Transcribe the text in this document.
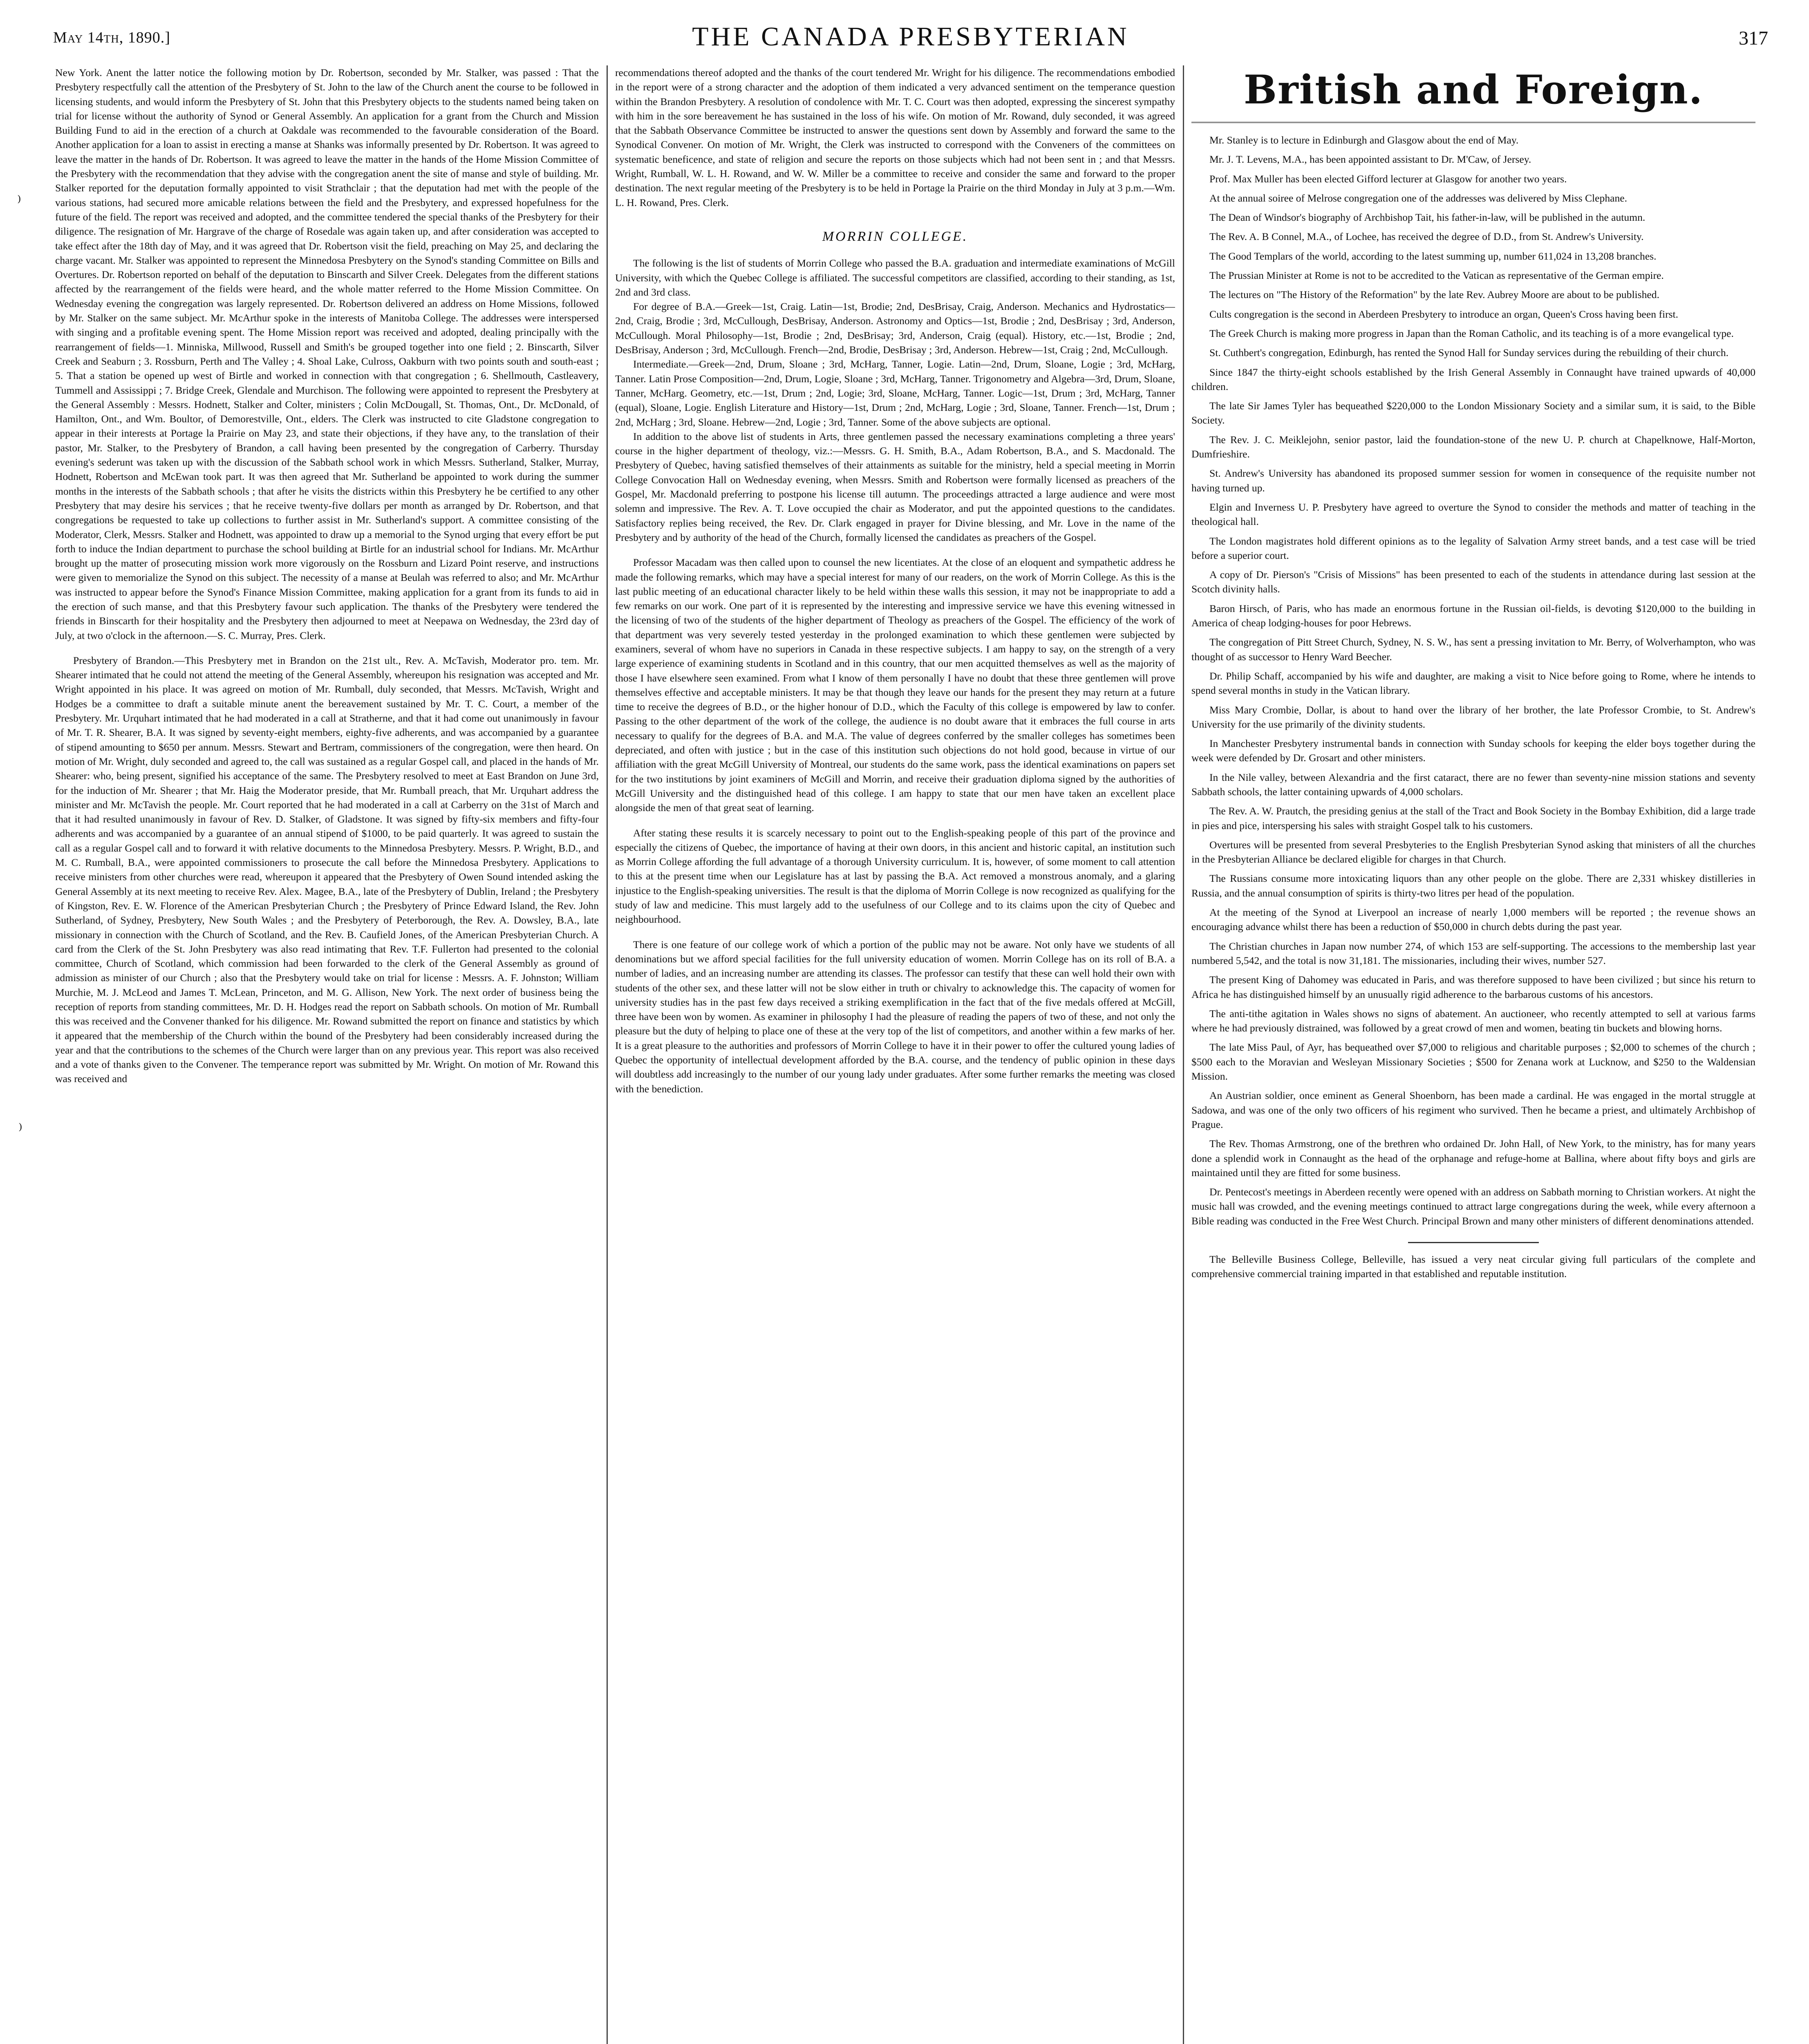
May 14th, 1890.]	THE CANADA PRESBYTERIAN	317

New York. Anent the latter notice the following motion by Dr. Robertson, seconded by Mr. Stalker, was passed : That the Presbytery respectfully call the attention of the Presbytery of St. John to the law of the Church anent the course to be followed in licensing students, and would inform the Presbytery of St. John that this Presbytery objects to the students named being taken on trial for license without the authority of Synod or General Assembly. An application for a grant from the Church and Mission Building Fund to aid in the erection of a church at Oakdale was recommended to the favourable consideration of the Board. Another application for a loan to assist in erecting a manse at Shanks was informally presented by Dr. Robertson. It was agreed to leave the matter in the hands of Dr. Robertson. It was agreed to leave the matter in the hands of the Home Mission Committee of the Presbytery with the recommendation that they advise with the congregation anent the site of manse and style of building. Mr. Stalker reported for the deputation formally appointed to visit Strathclair ; that the deputation had met with the people of the various stations, had secured more amicable relations between the field and the Presbytery, and expressed hopefulness for the future of the field. The report was received and adopted, and the committee tendered the special thanks of the Presbytery for their diligence. The resignation of Mr. Hargrave of the charge of Rosedale was again taken up, and after consideration was accepted to take effect after the 18th day of May, and it was agreed that Dr. Robertson visit the field, preaching on May 25, and declaring the charge vacant. Mr. Stalker was appointed to represent the Minnedosa Presbytery on the Synod's standing Committee on Bills and Overtures. Dr. Robertson reported on behalf of the deputation to Binscarth and Silver Creek. Delegates from the different stations affected by the rearrangement of the fields were heard, and the whole matter referred to the Home Mission Committee. On Wednesday evening the congregation was largely represented. Dr. Robertson delivered an address on Home Missions, followed by Mr. Stalker on the same subject. Mr. McArthur spoke in the interests of Manitoba College. The addresses were interspersed with singing and a profitable evening spent. The Home Mission report was received and adopted, dealing principally with the rearrangement of fields—1. Minniska, Millwood, Russell and Smith's be grouped together into one field ; 2. Binscarth, Silver Creek and Seaburn ; 3. Rossburn, Perth and The Valley ; 4. Shoal Lake, Culross, Oakburn with two points south and south-east ; 5. That a station be opened up west of Birtle and worked in connection with that congregation ; 6. Shellmouth, Castleavery, Tummell and Assissippi ; 7. Bridge Creek, Glendale and Murchison. The following were appointed to represent the Presbytery at the General Assembly : Messrs. Hodnett, Stalker and Colter, ministers ; Colin McDougall, St. Thomas, Ont., Dr. McDonald, of Hamilton, Ont., and Wm. Boultor, of Demorestville, Ont., elders. The Clerk was instructed to cite Gladstone congregation to appear in their interests at Portage la Prairie on May 23, and state their objections, if they have any, to the translation of their pastor, Mr. Stalker, to the Presbytery of Brandon, a call having been presented by the congregation of Carberry. Thursday evening's sederunt was taken up with the discussion of the Sabbath school work in which Messrs. Sutherland, Stalker, Murray, Hodnett, Robertson and McEwan took part. It was then agreed that Mr. Sutherland be appointed to work during the summer months in the interests of the Sabbath schools ; that after he visits the districts within this Presbytery he be certified to any other Presbytery that may desire his services ; that he receive twenty-five dollars per month as arranged by Dr. Robertson, and that congregations be requested to take up collections to further assist in Mr. Sutherland's support. A committee consisting of the Moderator, Clerk, Messrs. Stalker and Hodnett, was appointed to draw up a memorial to the Synod urging that every effort be put forth to induce the Indian department to purchase the school building at Birtle for an industrial school for Indians. Mr. McArthur brought up the matter of prosecuting mission work more vigorously on the Rossburn and Lizard Point reserve, and instructions were given to memorialize the Synod on this subject. The necessity of a manse at Beulah was referred to also; and Mr. McArthur was instructed to appear before the Synod's Finance Mission Committee, making application for a grant from its funds to aid in the erection of such manse, and that this Presbytery favour such application. The thanks of the Presbytery were tendered the friends in Binscarth for their hospitality and the Presbytery then adjourned to meet at Neepawa on Wednesday, the 23rd day of July, at two o'clock in the afternoon.—S. C. Murray, Pres. Clerk.

Presbytery of Brandon.—This Presbytery met in Brandon on the 21st ult., Rev. A. McTavish, Moderator pro. tem. Mr. Shearer intimated that he could not attend the meeting of the General Assembly, whereupon his resignation was accepted and Mr. Wright appointed in his place. It was agreed on motion of Mr. Rumball, duly seconded, that Messrs. McTavish, Wright and Hodges be a committee to draft a suitable minute anent the bereavement sustained by Mr. T. C. Court, a member of the Presbytery. Mr. Urquhart intimated that he had moderated in a call at Stratherne, and that it had come out unanimously in favour of Mr. T. R. Shearer, B.A. It was signed by seventy-eight members, eighty-five adherents, and was accompanied by a guarantee of stipend amounting to $650 per annum. Messrs. Stewart and Bertram, commissioners of the congregation, were then heard. On motion of Mr. Wright, duly seconded and agreed to, the call was sustained as a regular Gospel call, and placed in the hands of Mr. Shearer: who, being present, signified his acceptance of the same. The Presbytery resolved to meet at East Brandon on June 3rd, for the induction of Mr. Shearer ; that Mr. Haig the Moderator preside, that Mr. Rumball preach, that Mr. Urquhart address the minister and Mr. McTavish the people. Mr. Court reported that he had moderated in a call at Carberry on the 31st of March and that it had resulted unanimously in favour of Rev. D. Stalker, of Gladstone. It was signed by fifty-six members and fifty-four adherents and was accompanied by a guarantee of an annual stipend of $1000, to be paid quarterly. It was agreed to sustain the call as a regular Gospel call and to forward it with relative documents to the Minnedosa Presbytery. Messrs. P. Wright, B.D., and M. C. Rumball, B.A., were appointed commissioners to prosecute the call before the Minnedosa Presbytery. Applications to receive ministers from other churches were read, whereupon it appeared that the Presbytery of Owen Sound intended asking the General Assembly at its next meeting to receive Rev. Alex. Magee, B.A., late of the Presbytery of Dublin, Ireland ; the Presbytery of Kingston, Rev. E. W. Florence of the American Presbyterian Church ; the Presbytery of Prince Edward Island, the Rev. John Sutherland, of Sydney, Presbytery, New South Wales ; and the Presbytery of Peterborough, the Rev. A. Dowsley, B.A., late missionary in connection with the Church of Scotland, and the Rev. B. Caufield Jones, of the American Presbyterian Church. A card from the Clerk of the St. John Presbytery was also read intimating that Rev. T.F. Fullerton had presented to the colonial committee, Church of Scotland, which commission had been forwarded to the clerk of the General Assembly as ground of admission as minister of our Church ; also that the Presbytery would take on trial for license : Messrs. A. F. Johnston; William Murchie, M. J. McLeod and James T. McLean, Princeton, and M. G. Allison, New York. The next order of business being the reception of reports from standing committees, Mr. D. H. Hodges read the report on Sabbath schools. On motion of Mr. Rumball this was received and the Convener thanked for his diligence. Mr. Rowand submitted the report on finance and statistics by which it appeared that the membership of the Church within the bound of the Presbytery had been considerably increased during the year and that the contributions to the schemes of the Church were larger than on any previous year. This report was also received and a vote of thanks given to the Convener. The temperance report was submitted by Mr. Wright. On motion of Mr. Rowand this was received and

recommendations thereof adopted and the thanks of the court tendered Mr. Wright for his diligence. The recommendations embodied in the report were of a strong character and the adoption of them indicated a very advanced sentiment on the temperance question within the Brandon Presbytery. A resolution of condolence with Mr. T. C. Court was then adopted, expressing the sincerest sympathy with him in the sore bereavement he has sustained in the loss of his wife. On motion of Mr. Rowand, duly seconded, it was agreed that the Sabbath Observance Committee be instructed to answer the questions sent down by Assembly and forward the same to the Synodical Convener. On motion of Mr. Wright, the Clerk was instructed to correspond with the Conveners of the committees on systematic beneficence, and state of religion and secure the reports on those subjects which had not been sent in ; and that Messrs. Wright, Rumball, W. L. H. Rowand, and W. W. Miller be a committee to receive and consider the same and forward to the proper destination. The next regular meeting of the Presbytery is to be held in Portage la Prairie on the third Monday in July at 3 p.m.—Wm. L. H. Rowand, Pres. Clerk.

MORRIN COLLEGE.

The following is the list of students of Morrin College who passed the B.A. graduation and intermediate examinations of McGill University, with which the Quebec College is affiliated. The successful competitors are classified, according to their standing, as 1st, 2nd and 3rd class.

For degree of B.A.—Greek—1st, Craig. Latin—1st, Brodie; 2nd, DesBrisay, Craig, Anderson. Mechanics and Hydrostatics—2nd, Craig, Brodie ; 3rd, McCullough, DesBrisay, Anderson. Astronomy and Optics—1st, Brodie ; 2nd, DesBrisay ; 3rd, Anderson, McCullough. Moral Philosophy—1st, Brodie ; 2nd, DesBrisay; 3rd, Anderson, Craig (equal). History, etc.—1st, Brodie ; 2nd, DesBrisay, Anderson ; 3rd, McCullough. French—2nd, Brodie, DesBrisay ; 3rd, Anderson. Hebrew—1st, Craig ; 2nd, McCullough.

Intermediate.—Greek—2nd, Drum, Sloane ; 3rd, McHarg, Tanner, Logie. Latin—2nd, Drum, Sloane, Logie ; 3rd, McHarg, Tanner. Latin Prose Composition—2nd, Drum, Logie, Sloane ; 3rd, McHarg, Tanner. Trigonometry and Algebra—3rd, Drum, Sloane, Tanner, McHarg. Geometry, etc.—1st, Drum ; 2nd, Logie; 3rd, Sloane, McHarg, Tanner. Logic—1st, Drum ; 3rd, McHarg, Tanner (equal), Sloane, Logie. English Literature and History—1st, Drum ; 2nd, McHarg, Logie ; 3rd, Sloane, Tanner. French—1st, Drum ; 2nd, McHarg ; 3rd, Sloane. Hebrew—2nd, Logie ; 3rd, Tanner. Some of the above subjects are optional.

In addition to the above list of students in Arts, three gentlemen passed the necessary examinations completing a three years' course in the higher department of theology, viz.:—Messrs. G. H. Smith, B.A., Adam Robertson, B.A., and S. Macdonald. The Presbytery of Quebec, having satisfied themselves of their attainments as suitable for the ministry, held a special meeting in Morrin College Convocation Hall on Wednesday evening, when Messrs. Smith and Robertson were formally licensed as preachers of the Gospel, Mr. Macdonald preferring to postpone his license till autumn. The proceedings attracted a large audience and were most solemn and impressive. The Rev. A. T. Love occupied the chair as Moderator, and put the appointed questions to the candidates. Satisfactory replies being received, the Rev. Dr. Clark engaged in prayer for Divine blessing, and Mr. Love in the name of the Presbytery and by authority of the head of the Church, formally licensed the candidates as preachers of the Gospel.

Professor Macadam was then called upon to counsel the new licentiates. At the close of an eloquent and sympathetic address he made the following remarks, which may have a special interest for many of our readers, on the work of Morrin College. As this is the last public meeting of an educational character likely to be held within these walls this session, it may not be inappropriate to add a few remarks on our work. One part of it is represented by the interesting and impressive service we have this evening witnessed in the licensing of two of the students of the higher department of Theology as preachers of the Gospel. The efficiency of the work of that department was very severely tested yesterday in the prolonged examination to which these gentlemen were subjected by examiners, several of whom have no superiors in Canada in these respective subjects. I am happy to say, on the strength of a very large experience of examining students in Scotland and in this country, that our men acquitted themselves as well as the majority of those I have elsewhere seen examined. From what I know of them personally I have no doubt that these three gentlemen will prove themselves effective and acceptable ministers. It may be that though they leave our hands for the present they may return at a future time to receive the degrees of B.D., or the higher honour of D.D., which the Faculty of this college is empowered by law to confer. Passing to the other department of the work of the college, the audience is no doubt aware that it embraces the full course in arts necessary to qualify for the degrees of B.A. and M.A. The value of degrees conferred by the smaller colleges has sometimes been depreciated, and often with justice ; but in the case of this institution such objections do not hold good, because in virtue of our affiliation with the great McGill University of Montreal, our students do the same work, pass the identical examinations on papers set for the two institutions by joint examiners of McGill and Morrin, and receive their graduation diploma signed by the authorities of McGill University and the distinguished head of this college. I am happy to state that our men have taken an excellent place alongside the men of that great seat of learning.

After stating these results it is scarcely necessary to point out to the English-speaking people of this part of the province and especially the citizens of Quebec, the importance of having at their own doors, in this ancient and historic capital, an institution such as Morrin College affording the full advantage of a thorough University curriculum. It is, however, of some moment to call attention to this at the present time when our Legislature has at last by passing the B.A. Act removed a monstrous anomaly, and a glaring injustice to the English-speaking universities. The result is that the diploma of Morrin College is now recognized as qualifying for the study of law and medicine. This must largely add to the usefulness of our College and to its claims upon the city of Quebec and neighbourhood.

There is one feature of our college work of which a portion of the public may not be aware. Not only have we students of all denominations but we afford special facilities for the full university education of women. Morrin College has on its roll of B.A. a number of ladies, and an increasing number are attending its classes. The professor can testify that these can well hold their own with students of the other sex, and these latter will not be slow either in truth or chivalry to acknowledge this. The capacity of women for university studies has in the past few days received a striking exemplification in the fact that of the five medals offered at McGill, three have been won by women. As examiner in philosophy I had the pleasure of reading the papers of two of these, and not only the pleasure but the duty of helping to place one of these at the very top of the list of competitors, and another within a few marks of her. It is a great pleasure to the authorities and professors of Morrin College to have it in their power to offer the cultured young ladies of Quebec the opportunity of intellectual development afforded by the B.A. course, and the tendency of public opinion in these days will doubtless add increasingly to the number of our young lady under graduates. After some further remarks the meeting was closed with the benediction.

British and Foreign.

Mr. Stanley is to lecture in Edinburgh and Glasgow about the end of May.

Mr. J. T. Levens, M.A., has been appointed assistant to Dr. M'Caw, of Jersey.

Prof. Max Muller has been elected Gifford lecturer at Glasgow for another two years.

At the annual soiree of Melrose congregation one of the addresses was delivered by Miss Clephane.

The Dean of Windsor's biography of Archbishop Tait, his father-in-law, will be published in the autumn.

The Rev. A. B Connel, M.A., of Lochee, has received the degree of D.D., from St. Andrew's University.

The Good Templars of the world, according to the latest summing up, number 611,024 in 13,208 branches.

The Prussian Minister at Rome is not to be accredited to the Vatican as representative of the German empire.

The lectures on "The History of the Reformation" by the late Rev. Aubrey Moore are about to be published.

Cults congregation is the second in Aberdeen Presbytery to introduce an organ, Queen's Cross having been first.

The Greek Church is making more progress in Japan than the Roman Catholic, and its teaching is of a more evangelical type.

St. Cuthbert's congregation, Edinburgh, has rented the Synod Hall for Sunday services during the rebuilding of their church.

Since 1847 the thirty-eight schools established by the Irish General Assembly in Connaught have trained upwards of 40,000 children.

The late Sir James Tyler has bequeathed $220,000 to the London Missionary Society and a similar sum, it is said, to the Bible Society.

The Rev. J. C. Meiklejohn, senior pastor, laid the foundation-stone of the new U. P. church at Chapelknowe, Half-Morton, Dumfrieshire.

St. Andrew's University has abandoned its proposed summer session for women in consequence of the requisite number not having turned up.

Elgin and Inverness U. P. Presbytery have agreed to overture the Synod to consider the methods and matter of teaching in the theological hall.

The London magistrates hold different opinions as to the legality of Salvation Army street bands, and a test case will be tried before a superior court.

A copy of Dr. Pierson's "Crisis of Missions" has been presented to each of the students in attendance during last session at the Scotch divinity halls.

Baron Hirsch, of Paris, who has made an enormous fortune in the Russian oil-fields, is devoting $120,000 to the building in America of cheap lodging-houses for poor Hebrews.

The congregation of Pitt Street Church, Sydney, N. S. W., has sent a pressing invitation to Mr. Berry, of Wolverhampton, who was thought of as successor to Henry Ward Beecher.

Dr. Philip Schaff, accompanied by his wife and daughter, are making a visit to Nice before going to Rome, where he intends to spend several months in study in the Vatican library.

Miss Mary Crombie, Dollar, is about to hand over the library of her brother, the late Professor Crombie, to St. Andrew's University for the use primarily of the divinity students.

In Manchester Presbytery instrumental bands in connection with Sunday schools for keeping the elder boys together during the week were defended by Dr. Grosart and other ministers.

In the Nile valley, between Alexandria and the first cataract, there are no fewer than seventy-nine mission stations and seventy Sabbath schools, the latter containing upwards of 4,000 scholars.

The Rev. A. W. Prautch, the presiding genius at the stall of the Tract and Book Society in the Bombay Exhibition, did a large trade in pies and pice, interspersing his sales with straight Gospel talk to his customers.

Overtures will be presented from several Presbyteries to the English Presbyterian Synod asking that ministers of all the churches in the Presbyterian Alliance be declared eligible for charges in that Church.

The Russians consume more intoxicating liquors than any other people on the globe. There are 2,331 whiskey distilleries in Russia, and the annual consumption of spirits is thirty-two litres per head of the population.

At the meeting of the Synod at Liverpool an increase of nearly 1,000 members will be reported ; the revenue shows an encouraging advance whilst there has been a reduction of $50,000 in church debts during the past year.

The Christian churches in Japan now number 274, of which 153 are self-supporting. The accessions to the membership last year numbered 5,542, and the total is now 31,181. The missionaries, including their wives, number 527.

The present King of Dahomey was educated in Paris, and was therefore supposed to have been civilized ; but since his return to Africa he has distinguished himself by an unusually rigid adherence to the barbarous customs of his ancestors.

The anti-tithe agitation in Wales shows no signs of abatement. An auctioneer, who recently attempted to sell at various farms where he had previously distrained, was followed by a great crowd of men and women, beating tin buckets and blowing horns.

The late Miss Paul, of Ayr, has bequeathed over $7,000 to religious and charitable purposes ; $2,000 to schemes of the church ; $500 each to the Moravian and Wesleyan Missionary Societies ; $500 for Zenana work at Lucknow, and $250 to the Waldensian Mission.

An Austrian soldier, once eminent as General Shoenborn, has been made a cardinal. He was engaged in the mortal struggle at Sadowa, and was one of the only two officers of his regiment who survived. Then he became a priest, and ultimately Archbishop of Prague.

The Rev. Thomas Armstrong, one of the brethren who ordained Dr. John Hall, of New York, to the ministry, has for many years done a splendid work in Connaught as the head of the orphanage and refuge-home at Ballina, where about fifty boys and girls are maintained until they are fitted for some business.

Dr. Pentecost's meetings in Aberdeen recently were opened with an address on Sabbath morning to Christian workers. At night the music hall was crowded, and the evening meetings continued to attract large congregations during the week, while every afternoon a Bible reading was conducted in the Free West Church. Principal Brown and many other ministers of different denominations attended.

The Belleville Business College, Belleville, has issued a very neat circular giving full particulars of the complete and comprehensive commercial training imparted in that established and reputable institution.

⁾
⁾
